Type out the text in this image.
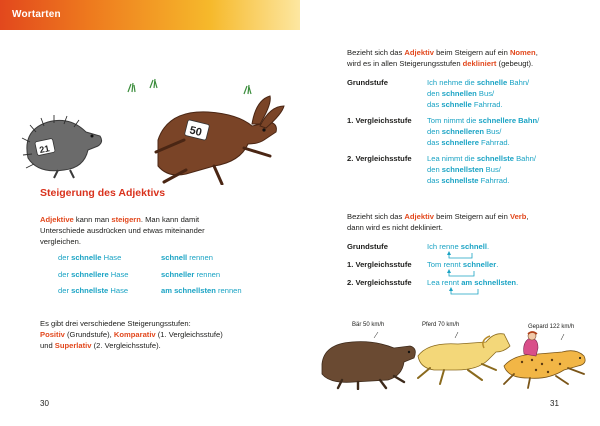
Wortarten
21
50
Steigerung des Adjektivs
Adjektive kann man steigern. Man kann damit
Unterschiede ausdrücken und etwas miteinander
vergleichen.
der schnelle Hase	schnell rennen
der schnellere Hase	schneller rennen
der schnellste Hase	am schnellsten rennen
Es gibt drei verschiedene Steigerungsstufen:
Positiv (Grundstufe), Komparativ (1. Vergleichsstufe)
und Superlativ (2. Vergleichsstufe).
30
Bezieht sich das Adjektiv beim Steigern auf ein Nomen,
wird es in allen Steigerungsstufen dekliniert (gebeugt).
Grundstufe	Ich nehme die schnelle Bahn/
den schnellen Bus/
das schnelle Fahrrad.
1. Vergleichsstufe Tom nimmt die schnellere Bahn/
den schnelleren Bus/
das schnellere Fahrrad.
2. Vergleichsstufe Lea nimmt die schnellste Bahn/
den schnellsten Bus/
das schnellste Fahrrad.
Bezieht sich das Adjektiv beim Steigern auf ein Verb,
dann wird es nicht dekliniert.
Grundstufe	Ich renne schnell.
1. Vergleichsstufe Tom rennt schneller.
2. Vergleichsstufe Lea rennt am schnellsten.
Bär 50 km/h	Pferd 70 km/h	Gepard 122 km/h
31
